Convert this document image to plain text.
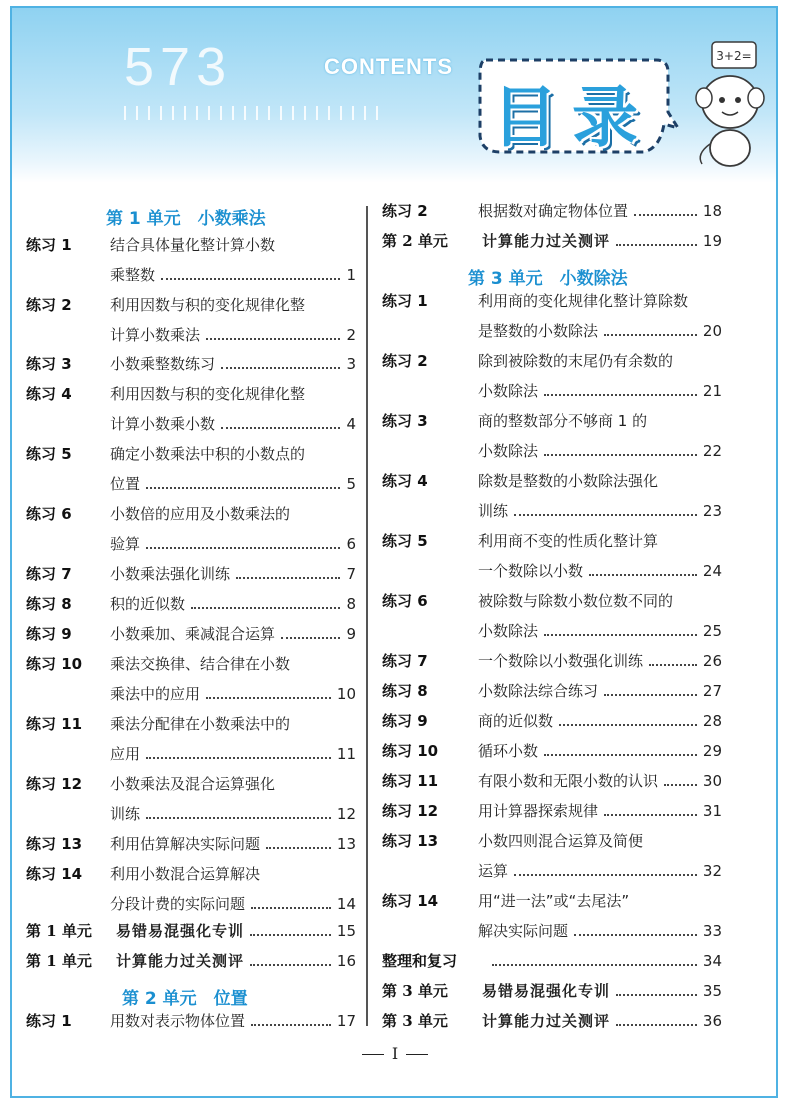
573	CONTENTS
目录
3+2=
第 1 单元　小数乘法
第 2 单元　位置
练习 1	结合具体量化整计算小数
乘整数	1
练习 2	利用因数与积的变化规律化整
计算小数乘法	2
练习 3	小数乘整数练习	3
练习 4	利用因数与积的变化规律化整
计算小数乘小数	4
练习 5	确定小数乘法中积的小数点的
位置	5
练习 6	小数倍的应用及小数乘法的
验算	6
练习 7	小数乘法强化训练	7
练习 8	积的近似数	8
练习 9	小数乘加、乘减混合运算	9
练习 10 乘法交换律、结合律在小数
乘法中的应用	10
练习 11 乘法分配律在小数乘法中的
应用	11
练习 12 小数乘法及混合运算强化
训练	12
练习 13 利用估算解决实际问题	13
练习 14 利用小数混合运算解决
分段计费的实际问题	14
第 1 单元 易错易混强化专训	15
第 1 单元 计算能力过关测评	16
练习 1	用数对表示物体位置	17
第 3 单元　小数除法
练习 2	根据数对确定物体位置	18
第 2 单元 计算能力过关测评	19
练习 1	利用商的变化规律化整计算除数
是整数的小数除法	20
练习 2	除到被除数的末尾仍有余数的
小数除法	21
练习 3	商的整数部分不够商 1 的
小数除法	22
练习 4	除数是整数的小数除法强化
训练	23
练习 5	利用商不变的性质化整计算
一个数除以小数	24
练习 6	被除数与除数小数位数不同的
小数除法	25
练习 7	一个数除以小数强化训练	26
练习 8	小数除法综合练习	27
练习 9	商的近似数	28
练习 10	循环小数	29
练习 11	有限小数和无限小数的认识	30
练习 12	用计算器探索规律	31
练习 13	小数四则混合运算及简便
运算	32
练习 14	用“进一法”或“去尾法”
解决实际问题	33
整理和复习	34
第 3 单元 易错易混强化专训	35
第 3 单元 计算能力过关测评	36
I
